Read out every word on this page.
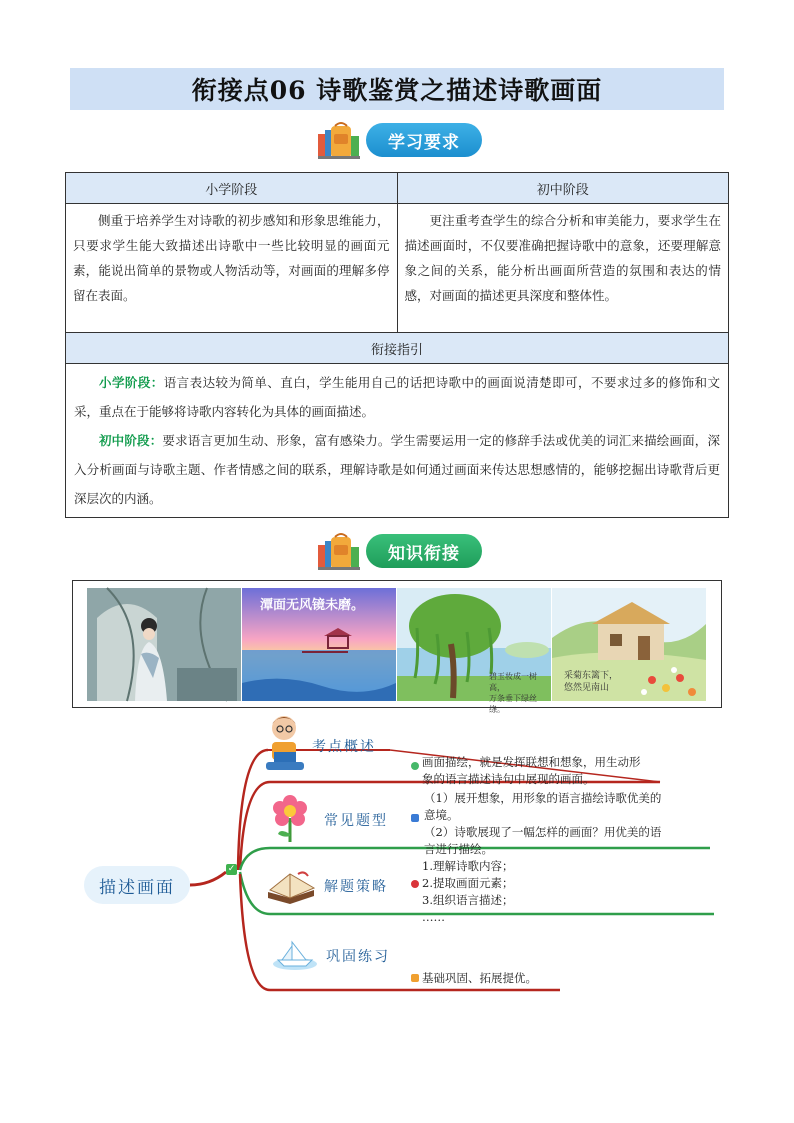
衔接点06 诗歌鉴赏之描述诗歌画面
学习要求
小学阶段	初中阶段
侧重于培养学生对诗歌的初步感知和形象思维能力，只要求学生能大致描述出诗歌中一些比较明显的画面元素，能说出简单的景物或人物活动等，对画面的理解多停留在表面。	更注重考查学生的综合分析和审美能力，要求学生在描述画面时，不仅要准确把握诗歌中的意象，还要理解意象之间的关系，能分析出画面所营造的氛围和表达的情感，对画面的描述更具深度和整体性。
衔接指引	

小学阶段：语言表达较为简单、直白，学生能用自己的话把诗歌中的画面说清楚即可，不要求过多的修饰和文采，重点在于能够将诗歌内容转化为具体的画面描述。

初中阶段：要求语言更加生动、形象，富有感染力。学生需要运用一定的修辞手法或优美的词汇来描绘画面，深入分析画面与诗歌主题、作者情感之间的联系，理解诗歌是如何通过画面来传达思想感情的，能够挖掘出诗歌背后更深层次的内涵。	

知识衔接
潭面无风镜未磨。
碧玉妆成一树高，
万条垂下绿丝绦。
采菊东篱下，
悠然见南山
描述画面
✓
考点概述
画面描绘，就是发挥联想和想象，用生动形
象的语言描述诗句中展现的画面。
常见题型
（1）展开想象，用形象的语言描绘诗歌优美的
意境。
（2）诗歌展现了一幅怎样的画面？用优美的语
言进行描绘。
解题策略
1.理解诗歌内容；
2.提取画面元素；
3.组织语言描述；
……
巩固练习
基础巩固、拓展提优。
